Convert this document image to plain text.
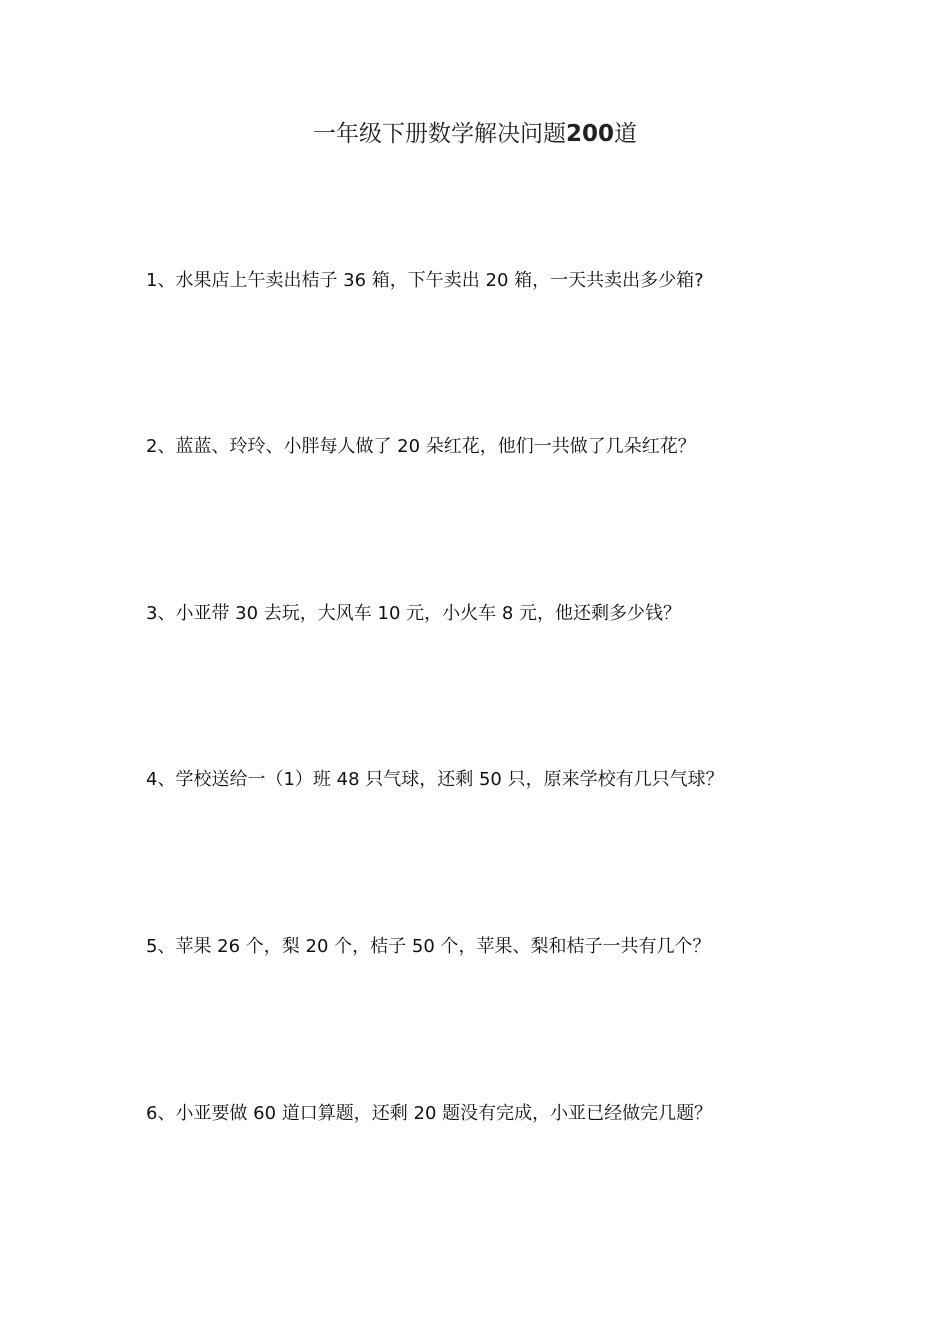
一年级下册数学解决问题200道
1、水果店上午卖出桔子 36 箱，下午卖出 20 箱，一天共卖出多少箱?
2、蓝蓝、玲玲、小胖每人做了 20 朵红花，他们一共做了几朵红花？
3、小亚带 30 去玩，大风车 10 元，小火车 8 元，他还剩多少钱？
4、学校送给一（1）班 48 只气球，还剩 50 只，原来学校有几只气球？
5、苹果 26 个，梨 20 个，桔子 50 个，苹果、梨和桔子一共有几个？
6、小亚要做 60 道口算题，还剩 20 题没有完成，小亚已经做完几题？
